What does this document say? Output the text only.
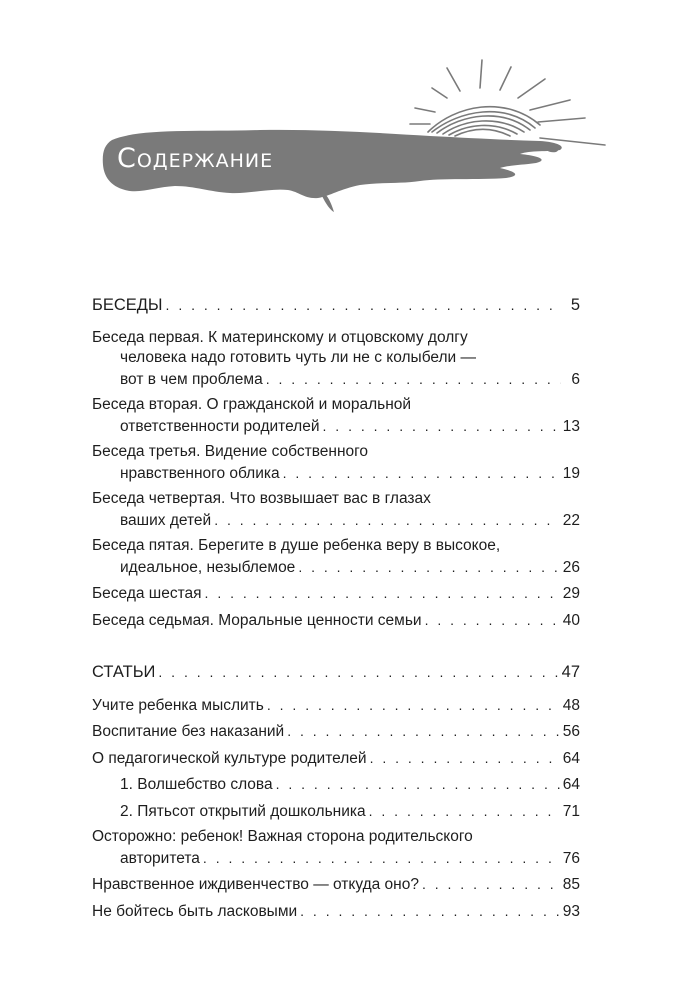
Содержание
БЕСЕДЫ . . .	5
Беседа первая. К материнскому и отцовскому долгу
человека надо готовить чуть ли не с колыбели —
вот в чем проблема . . .	6
Беседа вторая. О гражданской и моральной
ответственности родителей . . .	13
Беседа третья. Видение собственного
нравственного облика . . .	19
Беседа четвертая. Что возвышает вас в глазах
ваших детей . . .	22
Беседа пятая. Берегите в душе ребенка веру в высокое,
идеальное, незыблемое . . .	26
Беседа шестая . . .	29
Беседа седьмая. Моральные ценности семьи . . .	40
СТАТЬИ . . .	47
Учите ребенка мыслить . . .	48
Воспитание без наказаний . . .	56
О педагогической культуре родителей . . .	64
1. Волшебство слова . . .	64
2. Пятьсот открытий дошкольника . . .	71
Осторожно: ребенок! Важная сторона родительского
авторитета . . .	76
Нравственное иждивенчество — откуда оно? . . .	85
Не бойтесь быть ласковыми . . .	93
